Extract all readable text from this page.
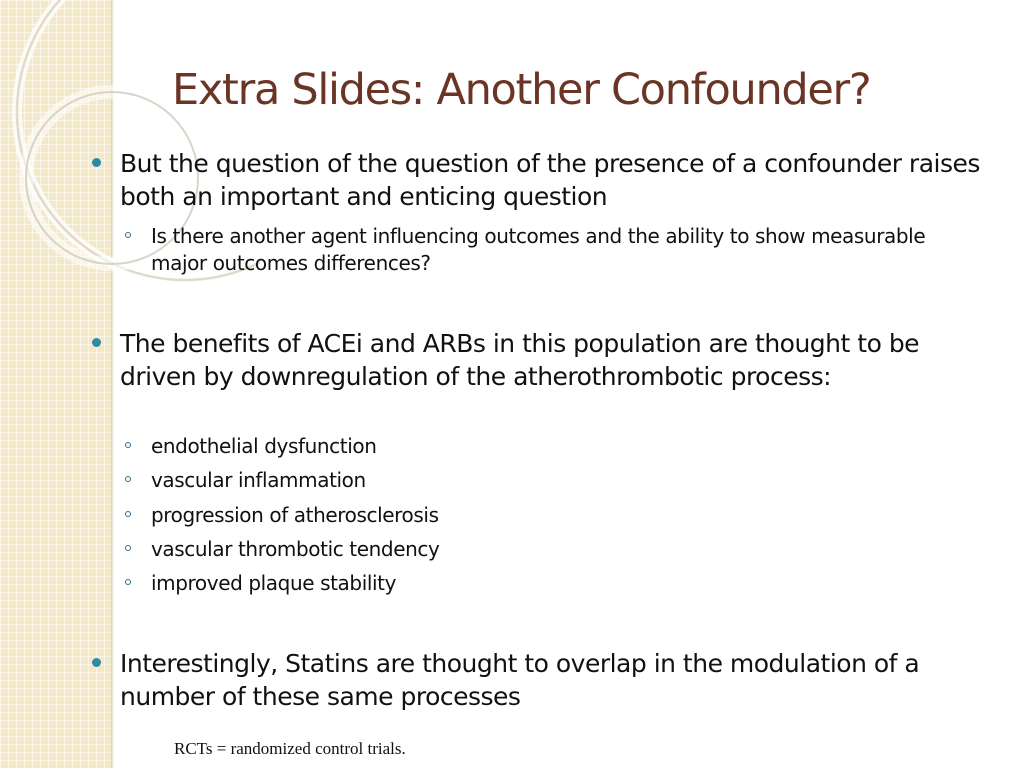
Extra Slides: Another Confounder?

But the question of the question of the presence of a confounder raises both an important and enticing question

Is there another agent influencing outcomes and the ability to show measurable major outcomes differences?

The benefits of ACEi and ARBs in this population are thought to be driven by downregulation of the atherothrombotic process:

endothelial dysfunction

vascular inflammation

progression of atherosclerosis

vascular thrombotic tendency

improved plaque stability

Interestingly, Statins are thought to overlap in the modulation of a number of these same processes

RCTs = randomized control trials.
